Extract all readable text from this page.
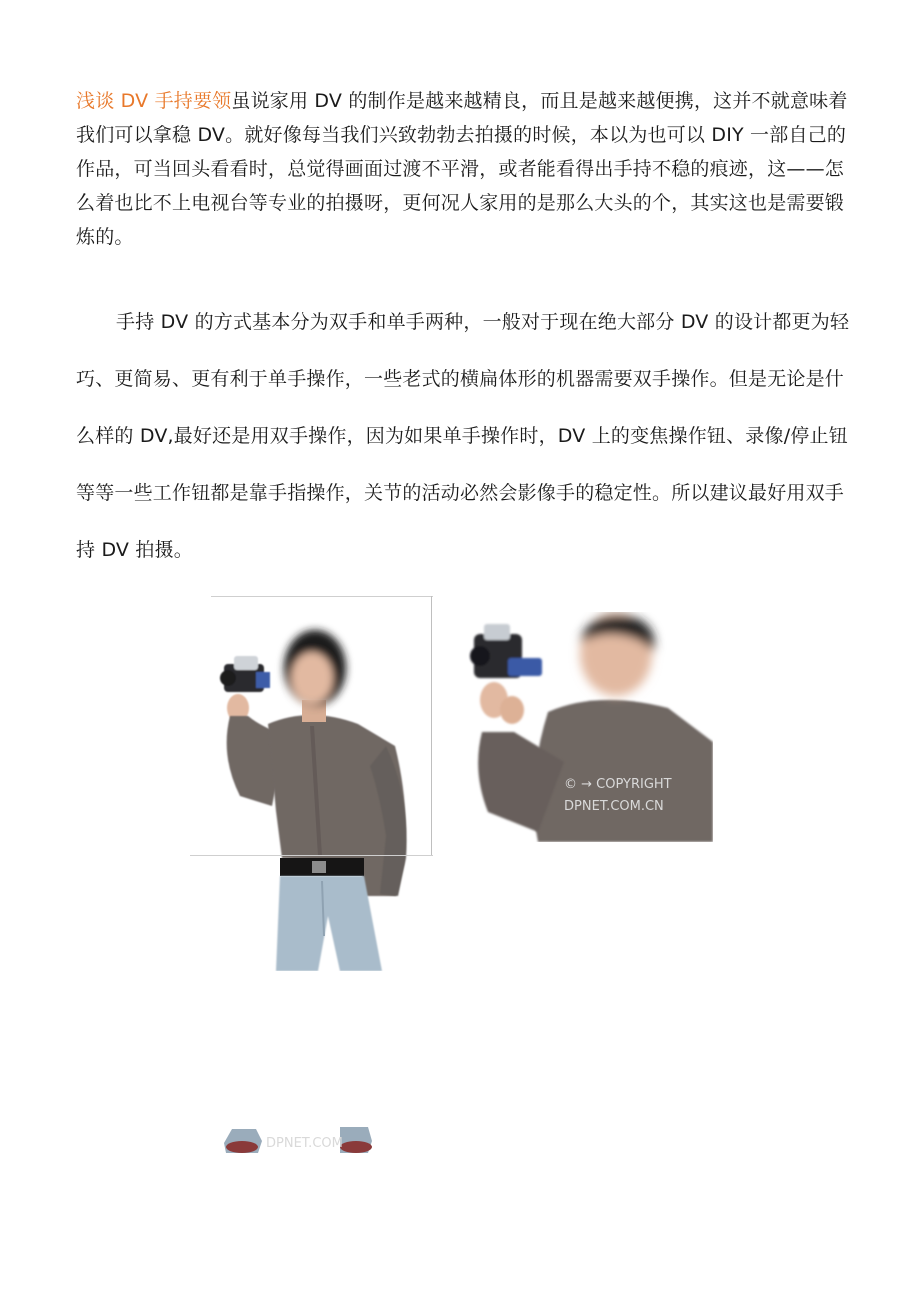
浅谈 DV 手持要领虽说家用 DV 的制作是越来越精良，而且是越来越便携，这并不就意味着我们可以拿稳 DV。就好像每当我们兴致勃勃去拍摄的时候，本以为也可以 DIY 一部自己的作品，可当回头看看时，总觉得画面过渡不平滑，或者能看得出手持不稳的痕迹，这——怎么着也比不上电视台等专业的拍摄呀，更何况人家用的是那么大头的个，其实这也是需要锻炼的。

手持 DV 的方式基本分为双手和单手两种，一般对于现在绝大部分 DV 的设计都更为轻巧、更简易、更有利于单手操作，一些老式的横扁体形的机器需要双手操作。但是无论是什么样的 DV,最好还是用双手操作，因为如果单手操作时，DV 上的变焦操作钮、录像/停止钮等等一些工作钮都是靠手指操作，关节的活动必然会影像手的稳定性。所以建议最好用双手持 DV 拍摄。

© → COPYRIGHT
DPNET.COM.CN
DPNET.COM
